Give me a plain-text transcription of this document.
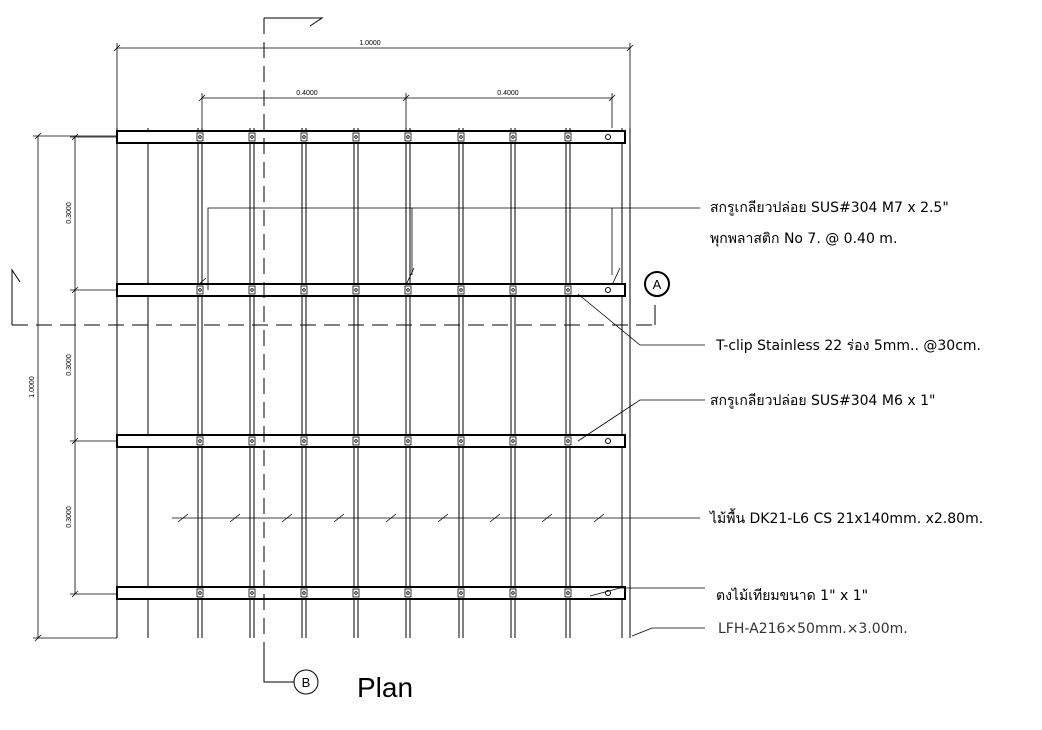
A
B Plan
1.0000
0.4000	0.4000
1.0000
0.3000
0.3000
0.3000
สกรูเกลียวปล่อย SUS#304 M7 x 2.5"
พุกพลาสติก No 7. @ 0.40 m.
T-clip Stainless 22 ร่อง 5mm.. @30cm.
สกรูเกลียวปล่อย SUS#304 M6 x 1"
ไม้พื้น DK21-L6 CS 21x140mm. x2.80m.
ตงไม้เทียมขนาด 1" x 1"
LFH-A216×50mm.×3.00m.
